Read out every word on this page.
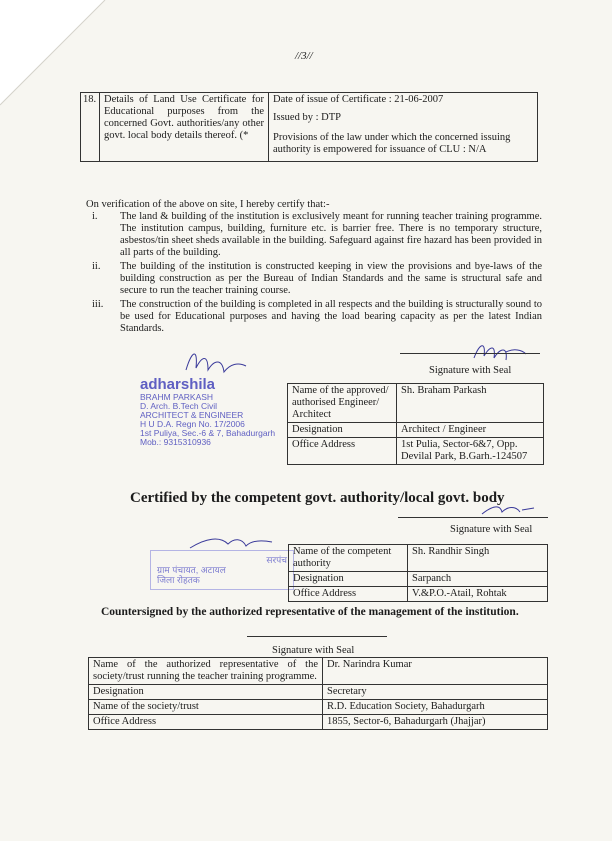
//3//
18.	Details of Land Use Certificate for Educational purposes from the concerned Govt. authorities/any other govt. local body details thereof. (*	
Date of issue of Certificate : 21-06-2007
Issued by : DTP
Provisions of the law under which the concerned issuing authority is empowered for issuance of CLU : N/A
On verification of the above on site, I hereby certify that:-
i. The land & building of the institution is exclusively meant for running teacher training programme. The institution campus, building, furniture etc. is barrier free. There is no temporary structure, asbestos/tin sheet sheds available in the building. Safeguard against fire hazard has been provided in all parts of the building.
ii. The building of the institution is constructed keeping in view the provisions and bye-laws of the building construction as per the Bureau of Indian Standards and the same is structural safe and secure to run the teacher training course.
iii. The construction of the building is completed in all respects and the building is structurally sound to be used for Educational purposes and having the load bearing capacity as per the latest Indian Standards.
Signature with Seal
adharshila
BRAHM PARKASH
D. Arch. B.Tech Civil
ARCHITECT & ENGINEER
H U D.A. Regn No. 17/2006
1st Puliya, Sec.-6 & 7, Bahadurgarh
Mob.: 9315310936
Name of the approved/ authorised Engineer/ Architect	Sh. Braham Parkash
Designation	Architect / Engineer
Office Address	1st Pulia, Sector-6&7, Opp. Devilal Park, B.Garh.-124507
Certified by the competent govt. authority/local govt. body
Signature with Seal
सरपंच
ग्राम पंचायत, अटायल
जिला रोहतक
Name of the competent authority	Sh. Randhir Singh
Designation	Sarpanch
Office Address	V.&P.O.-Atail, Rohtak
Countersigned by the authorized representative of the management of the institution.
Signature with Seal
Name of the authorized representative of the society/trust running the teacher training programme.	Dr. Narindra Kumar
Designation	Secretary
Name of the society/trust	R.D. Education Society, Bahadurgarh
Office Address	1855, Sector-6, Bahadurgarh (Jhajjar)
